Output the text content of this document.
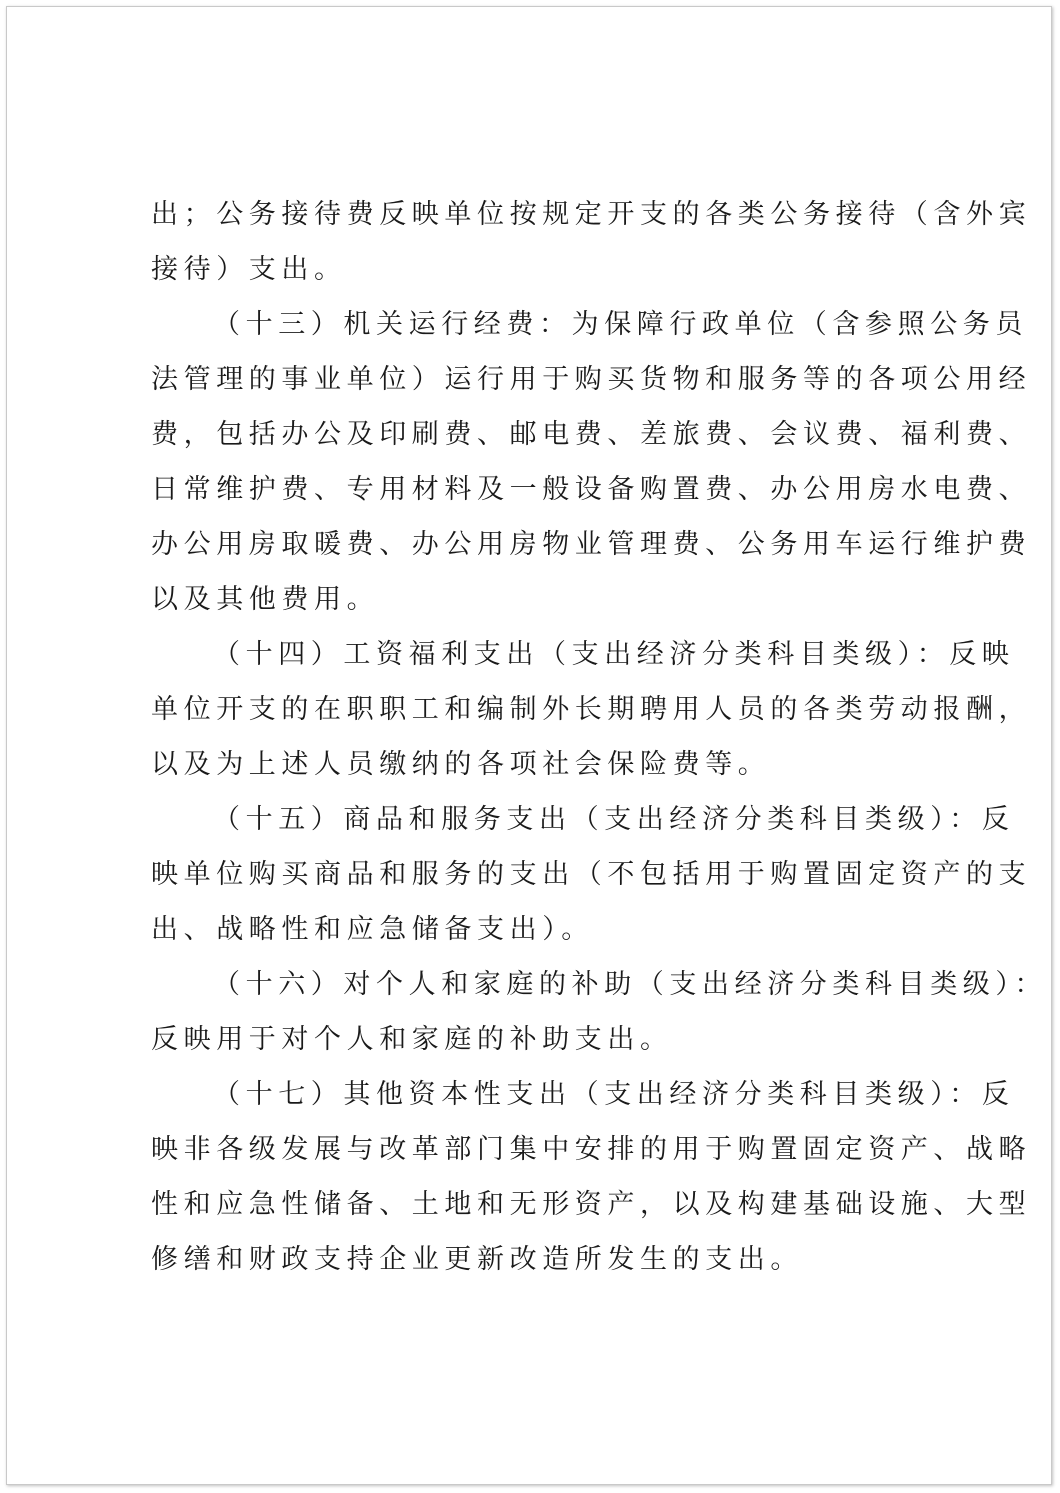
出；公务接待费反映单位按规定开支的各类公务接待（含外宾
接待）支出。
（十三）机关运行经费：为保障行政单位（含参照公务员
法管理的事业单位）运行用于购买货物和服务等的各项公用经
费，包括办公及印刷费、邮电费、差旅费、会议费、福利费、
日常维护费、专用材料及一般设备购置费、办公用房水电费、
办公用房取暖费、办公用房物业管理费、公务用车运行维护费
以及其他费用。
（十四）工资福利支出（支出经济分类科目类级）：反映
单位开支的在职职工和编制外长期聘用人员的各类劳动报酬，
以及为上述人员缴纳的各项社会保险费等。
（十五）商品和服务支出（支出经济分类科目类级）：反
映单位购买商品和服务的支出（不包括用于购置固定资产的支
出、战略性和应急储备支出）。
（十六）对个人和家庭的补助（支出经济分类科目类级）：
反映用于对个人和家庭的补助支出。
（十七）其他资本性支出（支出经济分类科目类级）：反
映非各级发展与改革部门集中安排的用于购置固定资产、战略
性和应急性储备、土地和无形资产，以及构建基础设施、大型
修缮和财政支持企业更新改造所发生的支出。
